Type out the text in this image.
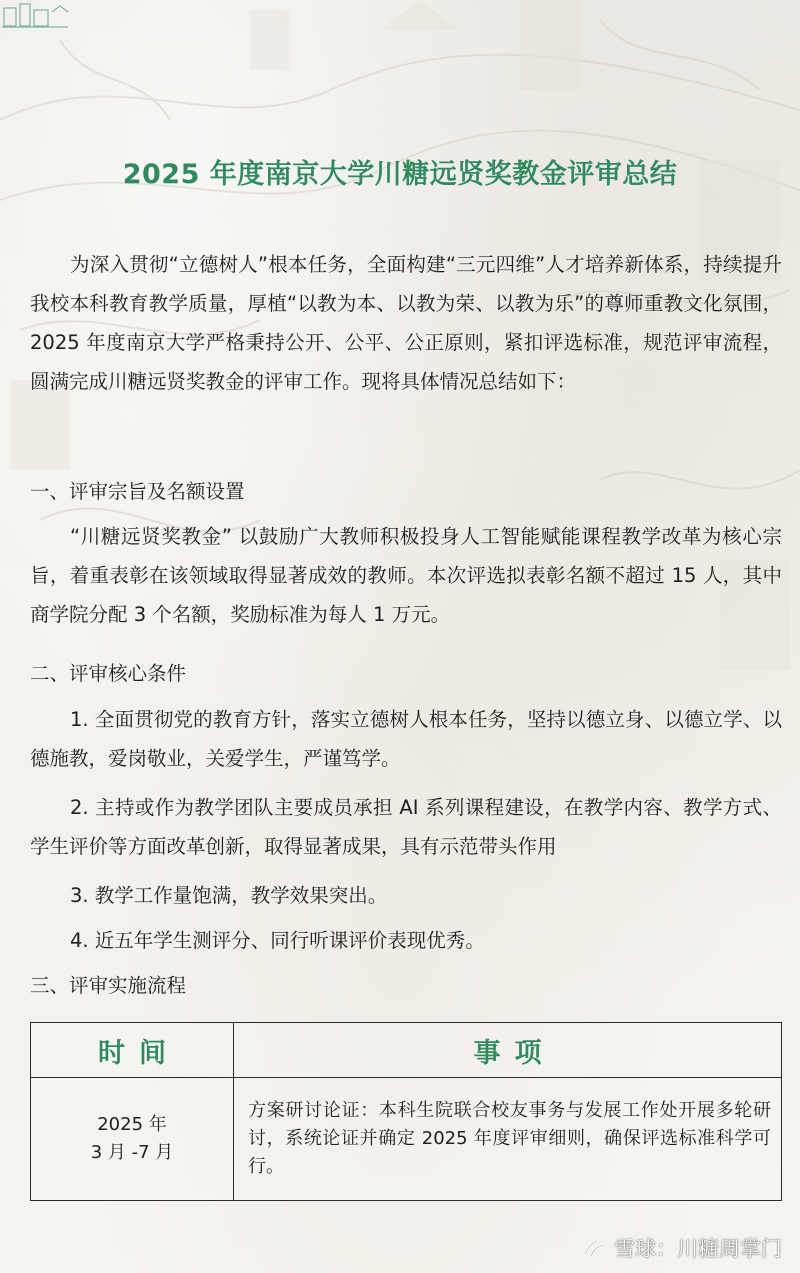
2025 年度南京大学川糖远贤奖教金评审总结

为深入贯彻“立德树人”根本任务，全面构建“三元四维”人才培养新体系，持续提升我校本科教育教学质量，厚植“以教为本、以教为荣、以教为乐”的尊师重教文化氛围，2025 年度南京大学严格秉持公开、公平、公正原则，紧扣评选标准，规范评审流程，圆满完成川糖远贤奖教金的评审工作。现将具体情况总结如下：

一、评审宗旨及名额设置

“川糖远贤奖教金” 以鼓励广大教师积极投身人工智能赋能课程教学改革为核心宗旨，着重表彰在该领域取得显著成效的教师。本次评选拟表彰名额不超过 15 人，其中商学院分配 3 个名额，奖励标准为每人 1 万元。

二、评审核心条件

1. 全面贯彻党的教育方针，落实立德树人根本任务，坚持以德立身、以德立学、以德施教，爱岗敬业，关爱学生，严谨笃学。

2. 主持或作为教学团队主要成员承担 AI 系列课程建设，在教学内容、教学方式、学生评价等方面改革创新，取得显著成果，具有示范带头作用

3. 教学工作量饱满，教学效果突出。

4. 近五年学生测评分、同行听课评价表现优秀。

三、评审实施流程

时间	事项

2025 年
3 月 -7 月	方案研讨论证：本科生院联合校友事务与发展工作处开展多轮研讨，系统论证并确定 2025 年度评审细则，确保评选标准科学可行。
雪球：川糖周掌门
